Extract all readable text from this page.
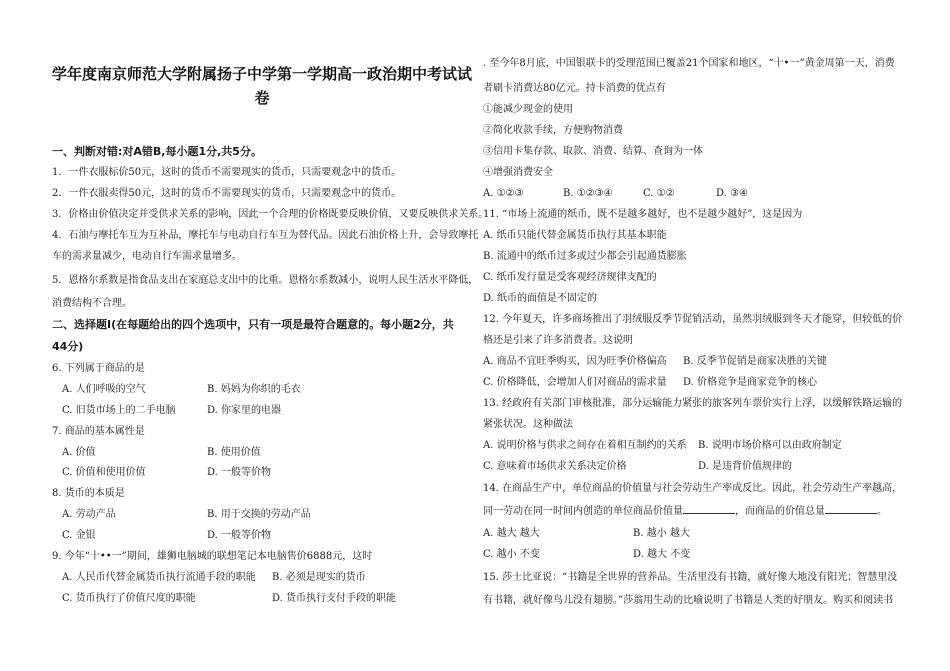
学年度南京师范大学附属扬子中学第一学期高一政治期中考试试
卷
一、判断对错:对A错B,每小题1分,共5分。
1．一件衣服标价50元，这时的货币不需要现实的货币，只需要观念中的货币。
2．一件衣服卖得50元，这时的货币不需要现实的货币，只需要观念中的货币。
3．价格由价值决定并受供求关系的影响，因此一个合理的价格既要反映价值，又要反映供求关系。
4．石油与摩托车互为互补品，摩托车与电动自行车互为替代品。因此石油价格上升，会导致摩托
车的需求量减少，电动自行车需求量增多。
5．恩格尔系数是指食品支出在家庭总支出中的比重。恩格尔系数减小，说明人民生活水平降低，
消费结构不合理。
二、选择题Ⅰ(在每题给出的四个选项中，只有一项是最符合题意的。每小题2分，共
44分)
6. 下列属于商品的是
A. 人们呼吸的空气	B. 妈妈为你织的毛衣
C. 旧货市场上的二手电脑	D. 你家里的电器
7. 商品的基本属性是
A. 价值	B. 使用价值
C. 价值和使用价值	D. 一般等价物
8. 货币的本质是
A. 劳动产品	B. 用于交换的劳动产品
C. 金银	D. 一般等价物
9. 今年“十••一”期间，雄狮电脑城的联想笔记本电脑售价6888元，这时
A. 人民币代替金属货币执行流通手段的职能 B. 必须是现实的货币
C. 货币执行了价值尺度的职能	D. 货币执行支付手段的职能
. 至今年8月底，中国银联卡的受理范围已覆盖21个国家和地区，“十•一”黄金周第一天，消费
者刷卡消费达80亿元。持卡消费的优点有
①能减少现金的使用
②简化收款手续，方便购物消费
③信用卡集存款、取款、消费、结算、查询为一体
④增强消费安全
A. ①②③	B. ①②③④	C. ①②	D. ③④
11. “市场上流通的纸币，既不是越多越好，也不是越少越好”，这是因为
A. 纸币只能代替金属货币执行其基本职能
B. 流通中的纸币过多或过少都会引起通货膨胀
C. 纸币发行量是受客观经济规律支配的
D. 纸币的面值是不固定的
12. 今年夏天，许多商场推出了羽绒服反季节促销活动，虽然羽绒服到冬天才能穿，但较低的价
格还是引来了许多消费者。这说明
A. 商品不宜旺季购买，因为旺季价格偏高 B. 反季节促销是商家决胜的关键
C. 价格降低，会增加人们对商品的需求量 D. 价格竞争是商家竞争的核心
13. 经政府有关部门审核批准，部分运输能力紧张的旅客列车票价实行上浮，以缓解铁路运输的
紧张状况。这种做法
A. 说明价格与供求之间存在着相互制约的关系 B. 说明市场价格可以由政府制定
C. 意味着市场供求关系决定价格	D. 是违背价值规律的
14. 在商品生产中，单位商品的价值量与社会劳动生产率成反比。因此，社会劳动生产率越高，
同一劳动在同一时间内创造的单位商品价值量	，而商品的价值总量	。
A. 越大 越大	B. 越小 越大
C. 越小 不变	D. 越大 不变
15. 莎士比亚说：“书籍是全世界的营养品。生活里没有书籍，就好像大地没有阳光；智慧里没
有书籍，就好像鸟儿没有翅膀。”莎翁用生动的比喻说明了书籍是人类的好朋友。购买和阅读书
